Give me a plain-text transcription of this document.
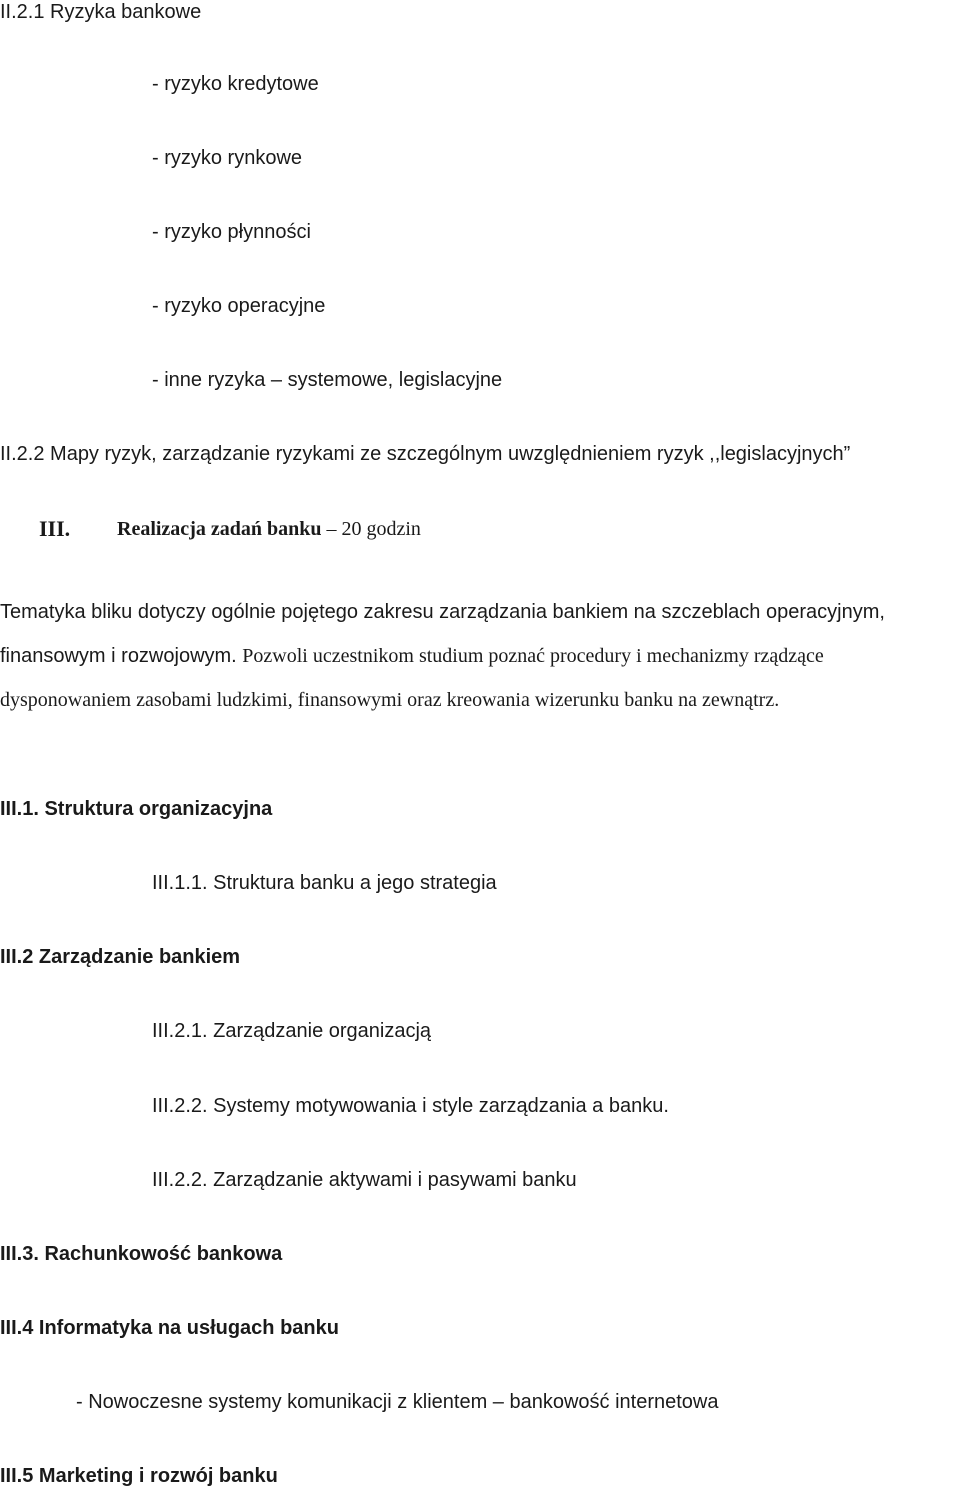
II.2.1 Ryzyka bankowe
- ryzyko kredytowe
- ryzyko rynkowe
- ryzyko płynności
- ryzyko operacyjne
- inne ryzyka – systemowe, legislacyjne
II.2.2 Mapy ryzyk, zarządzanie ryzykami ze szczególnym uwzględnieniem ryzyk ,,legislacyjnych”
III. Realizacja zadań banku – 20 godzin

Tematyka bliku dotyczy ogólnie pojętego zakresu zarządzania bankiem na szczeblach operacyjnym, finansowym i rozwojowym. Pozwoli uczestnikom studium poznać procedury i mechanizmy rządzące dysponowaniem zasobami ludzkimi, finansowymi oraz kreowania wizerunku banku na zewnątrz.

III.1. Struktura organizacyjna
III.1.1. Struktura banku a jego strategia
III.2 Zarządzanie bankiem
III.2.1. Zarządzanie organizacją
III.2.2. Systemy motywowania i style zarządzania a banku.
III.2.2. Zarządzanie aktywami i pasywami banku
III.3. Rachunkowość bankowa
III.4 Informatyka na usługach banku
- Nowoczesne systemy komunikacji z klientem – bankowość internetowa
III.5 Marketing i rozwój banku
